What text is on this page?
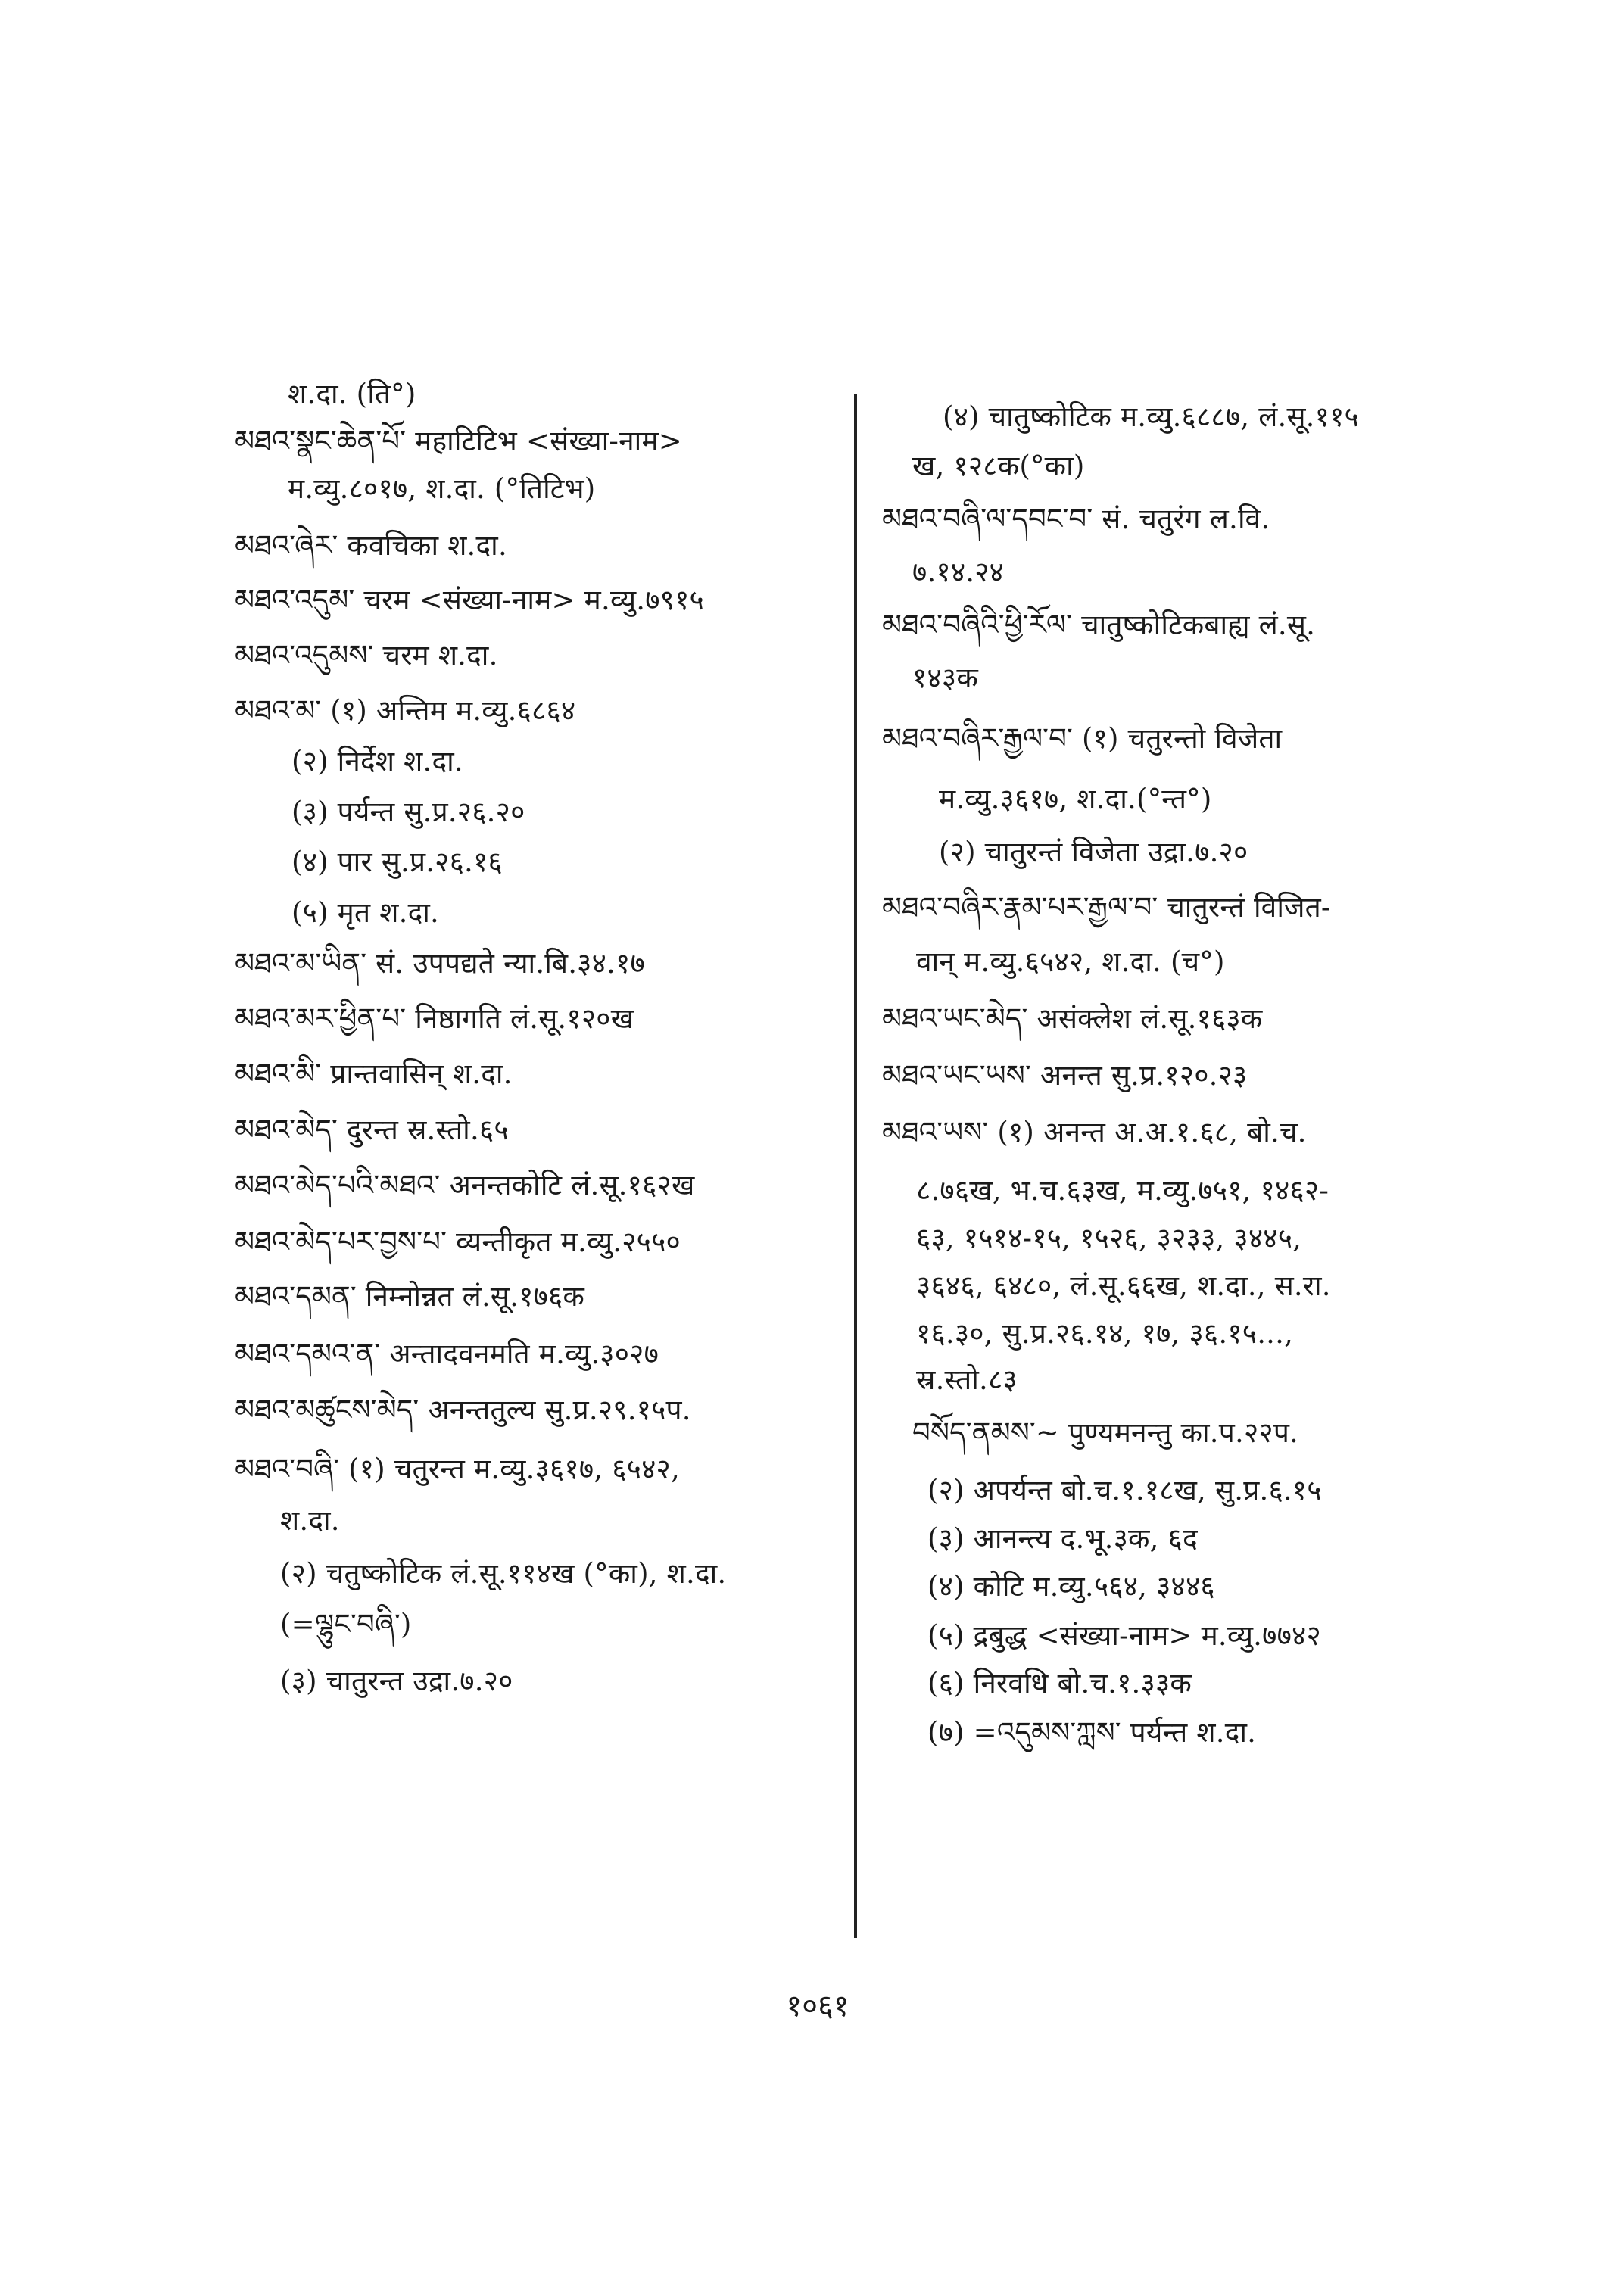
श.दा. (ति°)
མཐའ་སྣང་ཆེན་པོ་ महाटिटिभ <संख्या-नाम>
म.व्यु.८०१७, श.दा. (°तिटिभ)
མཐའ་ཞེར་ कवचिका श.दा.
མཐའ་འདུམ་ चरम <संख्या-नाम> म.व्यु.७९१५
མཐའ་འདུམས་ चरम श.दा.
མཐའ་མ་ (१) अन्तिम म.व्यु.६८६४
(२) निर्देश श.दा.
(३) पर्यन्त सु.प्र.२६.२०
(४) पार सु.प्र.२६.१६
(५) मृत श.दा.
མཐའ་མ་ཡིན་ सं. उपपद्यते न्या.बि.३४.१७
མཐའ་མར་ཕྱིན་པ་ निष्ठागति लं.सू.१२०ख
མཐའ་མི་ प्रान्तवासिन् श.दा.
མཐའ་མེད་ दुरन्त स्र.स्तो.६५
མཐའ་མེད་པའི་མཐའ་ अनन्तकोटि लं.सू.१६२ख
མཐའ་མེད་པར་བྱས་པ་ व्यन्तीकृत म.व्यु.२५५०
མཐའ་དམན་ निम्नोन्नत लं.सू.१७६क
མཐའ་དམའ་ན་ अन्तादवनमति म.व्यु.३०२७
མཐའ་མཚུངས་མེད་ अनन्ततुल्य सु.प्र.२९.१५प.
མཐའ་བཞི་ (१) चतुरन्त म.व्यु.३६१७, ६५४२,
श.दा.
(२) चतुष्कोटिक लं.सू.११४ख (°का), श.दा.
(=ལྷུང་བཞི་)
(३) चातुरन्त उद्रा.७.२०
(४) चातुष्कोटिक म.व्यु.६८८७, लं.सू.११५
ख, १२८क(°का)
མཐའ་བཞི་ལ་དབང་བ་ सं. चतुरंग ल.वि.
७.१४.२४
མཐའ་བཞིའི་ཕྱི་རོལ་ चातुष्कोटिकबाह्य लं.सू.
१४३क
མཐའ་བཞིར་རྒྱལ་བ་ (१) चतुरन्तो विजेता
म.व्यु.३६१७, श.दा.(°न्त°)
(२) चातुरन्तं विजेता उद्रा.७.२०
མཐའ་བཞིར་རྣམ་པར་རྒྱལ་བ་ चातुरन्तं विजित-
वान् म.व्यु.६५४२, श.दा. (च°)
མཐའ་ཡང་མེད་ असंक्लेश लं.सू.१६३क
མཐའ་ཡང་ཡས་ अनन्त सु.प्र.१२०.२३
མཐའ་ཡས་ (१) अनन्त अ.अ.१.६८, बो.च.
८.७६ख, भ.च.६३ख, म.व्यु.७५१, १४६२-
६३, १५१४-१५, १५२६, ३२३३, ३४४५,
३६४६, ६४८०, लं.सू.६६ख, श.दा., स.रा.
१६.३०, सु.प्र.२६.१४, १७, ३६.१५...,
स्र.स्तो.८३
བསོད་ནམས་~ पुण्यमनन्तु का.प.२२प.
(२) अपर्यन्त बो.च.१.१८ख, सु.प्र.६.१५
(३) आनन्त्य द.भू.३क, ६द
(४) कोटि म.व्यु.५६४, ३४४६
(५) द्रबुद्ध <संख्या-नाम> म.व्यु.७७४२
(६) निरवधि बो.च.१.३३क
(७) =འདུམས་ཀླས་ पर्यन्त श.दा.
१०६१
